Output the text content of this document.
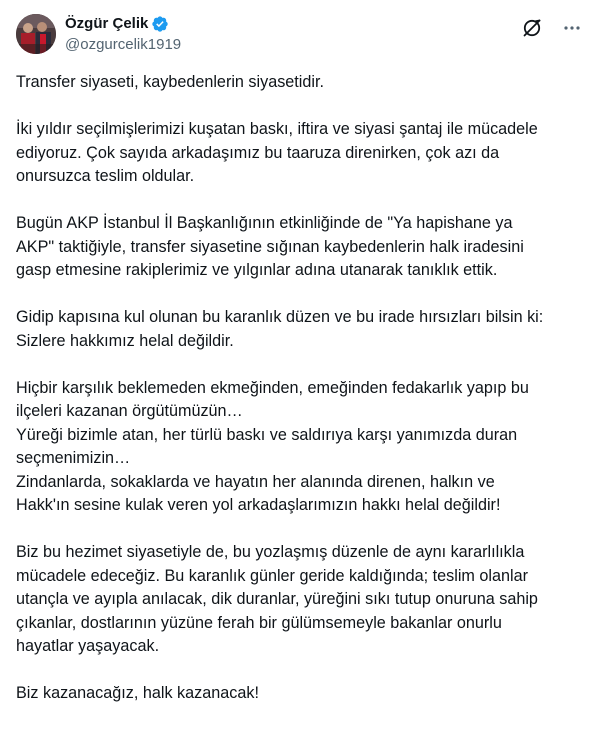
Özgür Çelik
@ozgurcelik1919

Transfer siyaseti, kaybedenlerin siyasetidir.

İki yıldır seçilmişlerimizi kuşatan baskı, iftira ve siyasi şantaj ile mücadele
ediyoruz. Çok sayıda arkadaşımız bu taaruza direnirken, çok azı da
onursuzca teslim oldular.

Bugün AKP İstanbul İl Başkanlığının etkinliğinde de "Ya hapishane ya
AKP" taktiğiyle, transfer siyasetine sığınan kaybedenlerin halk iradesini
gasp etmesine rakiplerimiz ve yılgınlar adına utanarak tanıklık ettik.

Gidip kapısına kul olunan bu karanlık düzen ve bu irade hırsızları bilsin ki:
Sizlere hakkımız helal değildir.

Hiçbir karşılık beklemeden ekmeğinden, emeğinden fedakarlık yapıp bu
ilçeleri kazanan örgütümüzün…
Yüreği bizimle atan, her türlü baskı ve saldırıya karşı yanımızda duran
seçmenimizin…
Zindanlarda, sokaklarda ve hayatın her alanında direnen, halkın ve
Hakk'ın sesine kulak veren yol arkadaşlarımızın hakkı helal değildir!

Biz bu hezimet siyasetiyle de, bu yozlaşmış düzenle de aynı kararlılıkla
mücadele edeceğiz. Bu karanlık günler geride kaldığında; teslim olanlar
utançla ve ayıpla anılacak, dik duranlar, yüreğini sıkı tutup onuruna sahip
çıkanlar, dostlarının yüzüne ferah bir gülümsemeyle bakanlar onurlu
hayatlar yaşayacak.

Biz kazanacağız, halk kazanacak!
